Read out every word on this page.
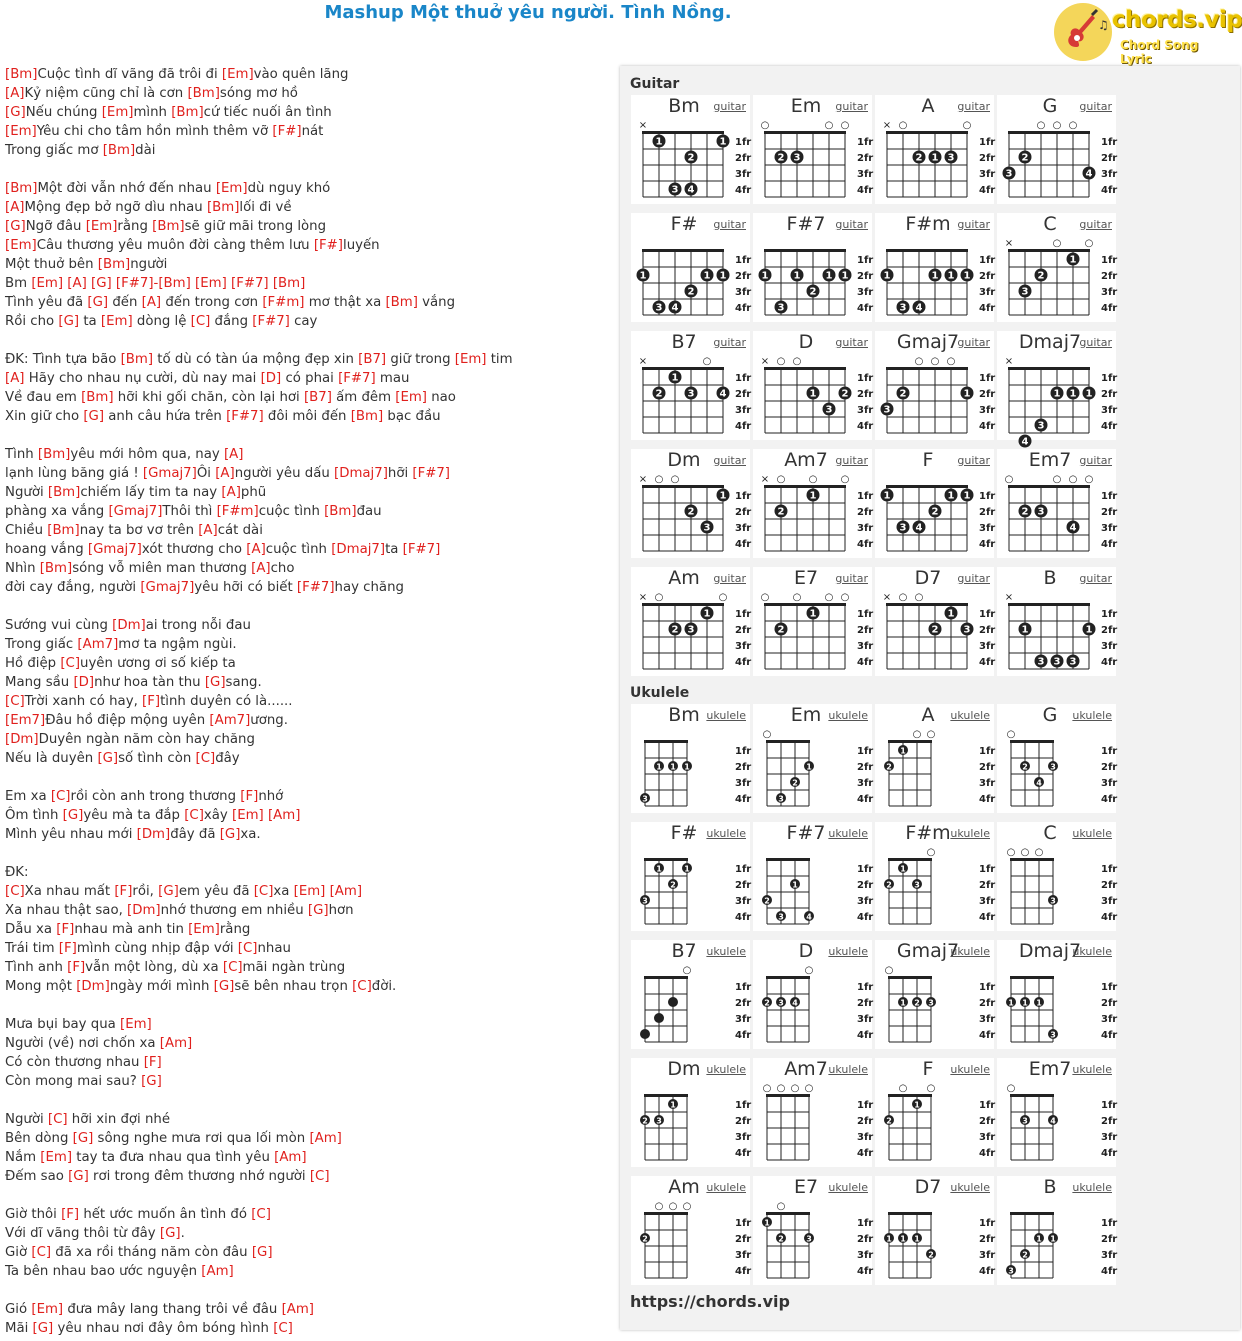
Mashup Một thuở yêu người. Tình Nồng.
♫ chords.vip
Chord Song Lyric
[Bm]Cuộc tình dĩ vãng đã trôi đi [Em]vào quên lãng
[A]Kỷ niệm cũng chỉ là cơn [Bm]sóng mơ hồ
[G]Nếu chúng [Em]mình [Bm]cứ tiếc nuối ân tình
[Em]Yêu chi cho tâm hồn mình thêm vỡ [F#]nát
Trong giấc mơ [Bm]dài
[Bm]Một đời vẫn nhớ đến nhau [Em]dù nguy khó
[A]Mộng đẹp bở ngỡ dìu nhau [Bm]lối đi về
[G]Ngỡ đâu [Em]rằng [Bm]sẽ giữ mãi trong lòng
[Em]Câu thương yêu muôn đời càng thêm lưu [F#]luyến
Một thuở bên [Bm]người
Bm [Em] [A] [G] [F#7]-[Bm] [Em] [F#7] [Bm]
Tình yêu đã [G] đến [A] đến trong cơn [F#m] mơ thật xa [Bm] vắng
Rồi cho [G] ta [Em] dòng lệ [C] đắng [F#7] cay
ĐK: Tình tựa bão [Bm] tố dù có tàn úa mộng đẹp xin [B7] giữ trong [Em] tim
[A] Hãy cho nhau nụ cười, dù nay mai [D] có phai [F#7] mau
Về đau em [Bm] hỡi khi gối chăn, còn lại hơi [B7] ấm đêm [Em] nao
Xin giữ cho [G] anh câu hứa trên [F#7] đôi môi đến [Bm] bạc đầu
Tình [Bm]yêu mới hôm qua, nay [A]
lạnh lùng băng giá ! [Gmaj7]Ôi [A]người yêu dấu [Dmaj7]hỡi [F#7]
Người [Bm]chiếm lấy tim ta nay [A]phũ
phàng xa vắng [Gmaj7]Thôi thì [F#m]cuộc tình [Bm]đau
Chiều [Bm]nay ta bơ vơ trên [A]cát dài
hoang vắng [Gmaj7]xót thương cho [A]cuộc tình [Dmaj7]ta [F#7]
Nhìn [Bm]sóng vỗ miên man thương [A]cho
đời cay đắng, người [Gmaj7]yêu hỡi có biết [F#7]hay chăng
Sướng vui cùng [Dm]ai trong nỗi đau
Trong giấc [Am7]mơ ta ngậm ngùi.
Hồ điệp [C]uyên ương ơi số kiếp ta
Mang sầu [D]như hoa tàn thu [G]sang.
[C]Trời xanh có hay, [F]tình duyên có là......
[Em7]Đâu hồ điệp mộng uyên [Am7]ương.
[Dm]Duyên ngàn năm còn hay chăng
Nếu là duyên [G]số tình còn [C]đây
Em xa [C]rồi còn anh trong thương [F]nhớ
Ôm tình [G]yêu mà ta đắp [C]xây [Em] [Am]
Mình yêu nhau mới [Dm]đây đã [G]xa.
ĐK:
[C]Xa nhau mất [F]rồi, [G]em yêu đã [C]xa [Em] [Am]
Xa nhau thật sao, [Dm]nhớ thương em nhiều [G]hơn
Dẫu xa [F]nhau mà anh tin [Em]rằng
Trái tim [F]mình cùng nhịp đập với [C]nhau
Tình anh [F]vẫn một lòng, dù xa [C]mãi ngàn trùng
Mong một [Dm]ngày mới mình [G]sẽ bên nhau trọn [C]đời.
Mưa bụi bay qua [Em]
Người (về) nơi chốn xa [Am]
Có còn thương nhau [F]
Còn mong mai sau? [G]
Người [C] hỡi xin đợi nhé
Bên dòng [G] sông nghe mưa rơi qua lối mòn [Am]
Nắm [Em] tay ta đưa nhau qua tình yêu [Am]
Đếm sao [G] rơi trong đêm thương nhớ người [C]
Giờ thôi [F] hết ước muốn ân tình đó [C]
Với dĩ vãng thôi từ đây [G].
Giờ [C] đã xa rồi tháng năm còn đâu [G]
Ta bên nhau bao ước nguyện [Am]
Gió [Em] đưa mây lang thang trôi về đâu [Am]
Mãi [G] yêu nhau nơi đây ôm bóng hình [C]
Guitar
Bm	guitar
×
1fr
2fr
3fr
4fr
1
2
3 4
1
Em	guitar
○	○ ○
1fr
2fr
3fr
4fr
2 3
A	guitar
× ○	○
1fr
2fr
3fr
4fr
2 1 3
G	guitar
○ ○ ○
1fr
2fr
3fr
4fr
3
2
4
F#	guitar
1fr
2fr
3fr
4fr
1
3 4
2
1 1
F#7 guitar
1fr
2fr
3fr
4fr
1
3
1
2
1 1
F#m guitar
1fr
2fr
3fr
4fr
1
3 4
1 1 1
C	guitar
×	○ ○
1fr
2fr
3fr
4fr
3
2
1
B7	guitar
×	○
1fr
2fr
3fr
4fr
2
1
3	4
D	guitar
× ○ ○
1fr
2fr
3fr
4fr
1
3
2
Gmaj7
guitar
○ ○ ○
1fr
2fr
3fr
4fr
3
2	1
Dmaj7
guitar
×
1fr
2fr
3fr
4fr
4
3
1 1 1
Dm	guitar
× ○ ○
1fr
2fr
3fr
4fr
2
3
1
Am7 guitar
× ○ ○ ○
1fr
2fr
3fr
4fr
2
1
F	guitar
1fr
2fr
3fr
4fr
1
3 4
2
1 1
Em7 guitar
○	○ ○ ○
1fr
2fr
3fr
4fr
2 3
4
Am	guitar
× ○	○
1fr
2fr
3fr
4fr
2 3
1
E7	guitar
○ ○ ○ ○
1fr
2fr
3fr
4fr
2
1
D7	guitar
× ○ ○
1fr
2fr
3fr
4fr
2
1
3
B	guitar
×
1fr
2fr
3fr
4fr
1
3 3 3
1
Ukulele
Bm ukulele
1fr
2fr
3fr
4fr
3
1 1 1
Em ukulele
○
1fr
2fr
3fr
4fr
3
2
1
A	ukulele
○ ○
1fr
2fr
3fr
4fr
2
1
G	ukulele
○
1fr
2fr
3fr
4fr
2
4
3
F# ukulele
1fr
2fr
3fr
4fr
3
1
2
1
F#7 ukulele
1fr
2fr
3fr
4fr
2
3
1
4
F#m ukulele
○
1fr
2fr
3fr
4fr
2
1
3
C	ukulele
○ ○ ○
1fr
2fr
3fr
4fr
3
B7 ukulele
○
1fr
2fr
3fr
4fr
D	ukulele
○
1fr
2fr
3fr
4fr
2 3 4
Gmaj7
ukulele
○
1fr
2fr
3fr
4fr
1 2 3
Dmaj7
ukulele
1fr
2fr
3fr
4fr
1 1 1
3
Dm ukulele
1fr
2fr
3fr
4fr
2 3
1
Am7 ukulele
○ ○ ○ ○
1fr
2fr
3fr
4fr
F	ukulele
○ ○
1fr
2fr
3fr
4fr
2
1
Em7 ukulele
○
1fr
2fr
3fr
4fr
3	4
Am ukulele
○ ○ ○
1fr
2fr
3fr
4fr
2
E7 ukulele
○
1fr
2fr
3fr
4fr
1
2	3
D7 ukulele
1fr
2fr
3fr
4fr
1 1 1
2
B	ukulele
1fr
2fr
3fr
4fr
3
2
1 1
https://chords.vip
